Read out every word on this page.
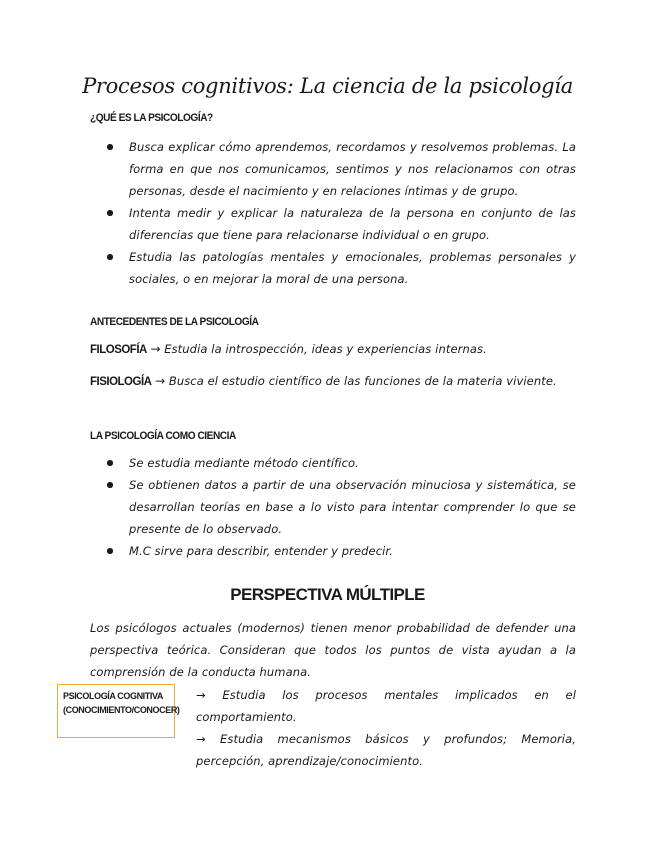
Procesos cognitivos: La ciencia de la psicología
¿QUÉ ES LA PSICOLOGÍA?
Busca explicar cómo aprendemos, recordamos y resolvemos problemas. La forma en que nos comunicamos, sentimos y nos relacionamos con otras personas, desde el nacimiento y en relaciones íntimas y de grupo.
Intenta medir y explicar la naturaleza de la persona en conjunto de las diferencias que tiene para relacionarse individual o en grupo.
Estudia las patologías mentales y emocionales, problemas personales y sociales, o en mejorar la moral de una persona.
ANTECEDENTES DE LA PSICOLOGÍA
FILOSOFÍA → Estudia la introspección, ideas y experiencias internas.
FISIOLOGÍA → Busca el estudio científico de las funciones de la materia viviente.
LA PSICOLOGÍA COMO CIENCIA
Se estudia mediante método científico.
Se obtienen datos a partir de una observación minuciosa y sistemática, se desarrollan teorías en base a lo visto para intentar comprender lo que se presente de lo observado.
M.C sirve para describir, entender y predecir.
PERSPECTIVA MÚLTIPLE

Los psicólogos actuales (modernos) tienen menor probabilidad de defender una perspectiva teórica. Consideran que todos los puntos de vista ayudan a la comprensión de la conducta humana.

PSICOLOGÍA COGNITIVA
(CONOCIMIENTO/CONOCER)
→ Estudia los procesos mentales implicados en el comportamiento.
→ Estudia mecanismos básicos y profundos; Memoria, percepción, aprendizaje/conocimiento.
